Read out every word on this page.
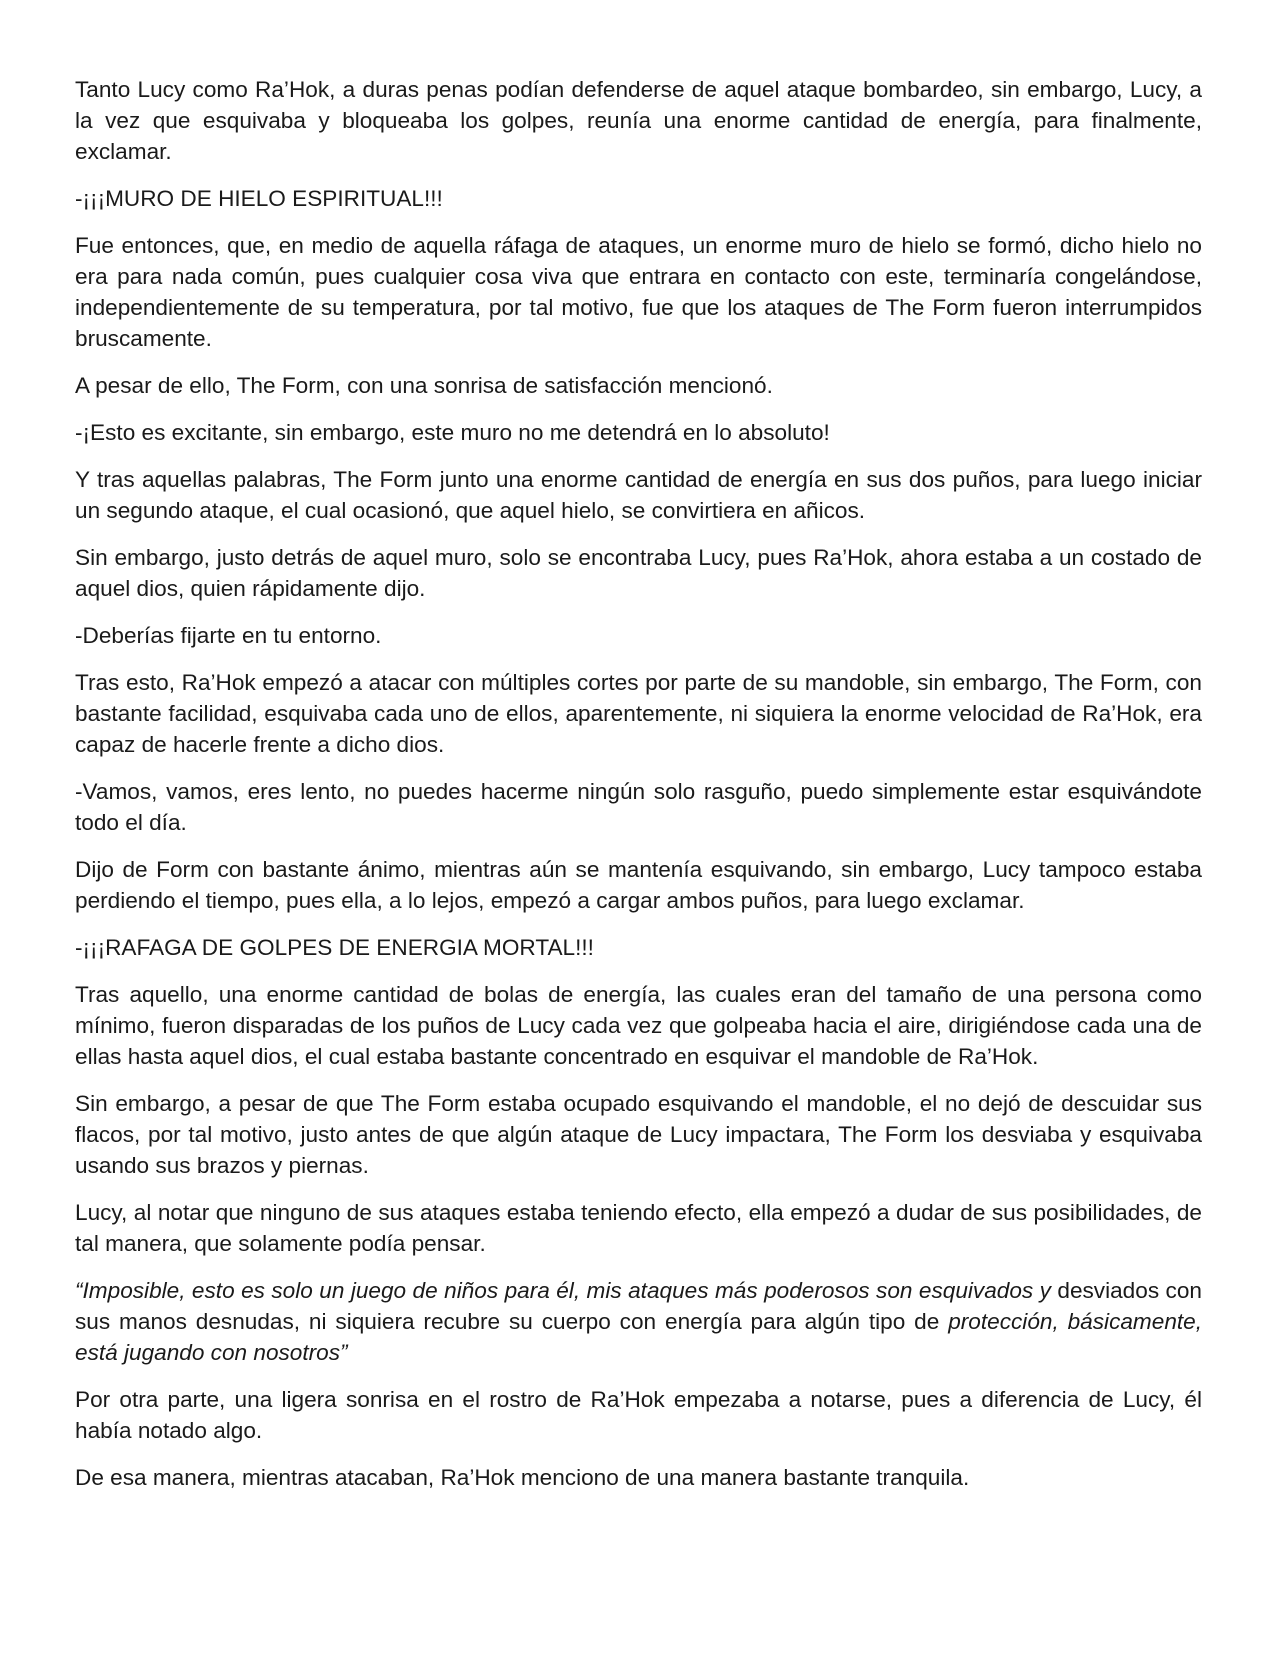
Tanto Lucy como Ra’Hok, a duras penas podían defenderse de aquel ataque bombardeo, sin embargo, Lucy, a la vez que esquivaba y bloqueaba los golpes, reunía una enorme cantidad de energía, para finalmente, exclamar.

-¡¡¡MURO DE HIELO ESPIRITUAL!!!

Fue entonces, que, en medio de aquella ráfaga de ataques, un enorme muro de hielo se formó, dicho hielo no era para nada común, pues cualquier cosa viva que entrara en contacto con este, terminaría congelándose, independientemente de su temperatura, por tal motivo, fue que los ataques de The Form fueron interrumpidos bruscamente.

A pesar de ello, The Form, con una sonrisa de satisfacción mencionó.

-¡Esto es excitante, sin embargo, este muro no me detendrá en lo absoluto!

Y tras aquellas palabras, The Form junto una enorme cantidad de energía en sus dos puños, para luego iniciar un segundo ataque, el cual ocasionó, que aquel hielo, se convirtiera en añicos.

Sin embargo, justo detrás de aquel muro, solo se encontraba Lucy, pues Ra’Hok, ahora estaba a un costado de aquel dios, quien rápidamente dijo.

-Deberías fijarte en tu entorno.

Tras esto, Ra’Hok empezó a atacar con múltiples cortes por parte de su mandoble, sin embargo, The Form, con bastante facilidad, esquivaba cada uno de ellos, aparentemente, ni siquiera la enorme velocidad de Ra’Hok, era capaz de hacerle frente a dicho dios.

-Vamos, vamos, eres lento, no puedes hacerme ningún solo rasguño, puedo simplemente estar esquivándote todo el día.

Dijo de Form con bastante ánimo, mientras aún se mantenía esquivando, sin embargo, Lucy tampoco estaba perdiendo el tiempo, pues ella, a lo lejos, empezó a cargar ambos puños, para luego exclamar.

-¡¡¡RAFAGA DE GOLPES DE ENERGIA MORTAL!!!

Tras aquello, una enorme cantidad de bolas de energía, las cuales eran del tamaño de una persona como mínimo, fueron disparadas de los puños de Lucy cada vez que golpeaba hacia el aire, dirigiéndose cada una de ellas hasta aquel dios, el cual estaba bastante concentrado en esquivar el mandoble de Ra’Hok.

Sin embargo, a pesar de que The Form estaba ocupado esquivando el mandoble, el no dejó de descuidar sus flacos, por tal motivo, justo antes de que algún ataque de Lucy impactara, The Form los desviaba y esquivaba usando sus brazos y piernas.

Lucy, al notar que ninguno de sus ataques estaba teniendo efecto, ella empezó a dudar de sus posibilidades, de tal manera, que solamente podía pensar.

“Imposible, esto es solo un juego de niños para él, mis ataques más poderosos son esquivados y desviados con sus manos desnudas, ni siquiera recubre su cuerpo con energía para algún tipo de protección, básicamente, está jugando con nosotros”

Por otra parte, una ligera sonrisa en el rostro de Ra’Hok empezaba a notarse, pues a diferencia de Lucy, él había notado algo.

De esa manera, mientras atacaban, Ra’Hok menciono de una manera bastante tranquila.
